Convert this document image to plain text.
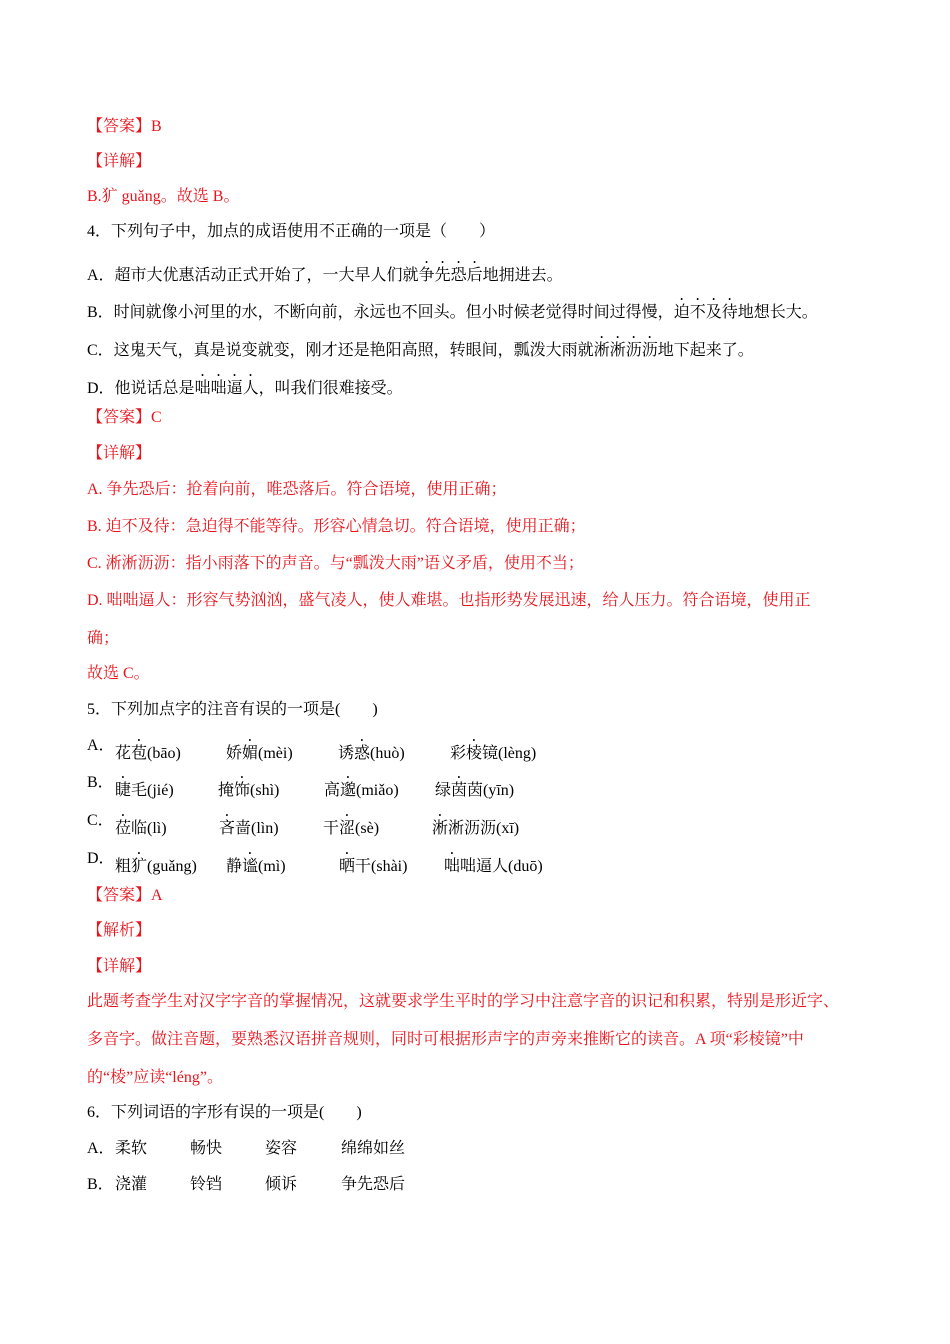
【答案】B
【详解】
B.犷 guǎng。故选 B。
4．下列句子中，加点的成语使用不正确的一项是（　　）
A．超市大优惠活动正式开始了，一大早人们就争先恐后地拥进去。
B．时间就像小河里的水，不断向前，永远也不回头。但小时候老觉得时间过得慢，迫不及待地想长大。
C．这鬼天气，真是说变就变，刚才还是艳阳高照，转眼间，瓢泼大雨就淅淅沥沥地下起来了。
D．他说话总是咄咄逼人，叫我们很难接受。
【答案】C
【详解】
A. 争先恐后：抢着向前，唯恐落后。符合语境，使用正确；
B. 迫不及待：急迫得不能等待。形容心情急切。符合语境，使用正确；
C. 淅淅沥沥：指小雨落下的声音。与“瓢泼大雨”语义矛盾，使用不当；
D. 咄咄逼人：形容气势汹汹，盛气凌人，使人难堪。也指形势发展迅速，给人压力。符合语境，使用正
确；
故选 C。
5．下列加点字的注音有误的一项是(　　)
A． 花苞(bāo)	娇媚(mèi)	诱惑(huò)	彩棱镜(lèng)
B． 睫毛(jié)	掩饰(shì)	高邈(miǎo) 绿茵茵(yīn)
C． 莅临(lì)	吝啬(lìn)	干涩(sè)	淅淅沥沥(xī)
D． 粗犷(guǎng) 静谧(mì)	晒干(shài) 咄咄逼人(duō)
【答案】A
【解析】
【详解】
此题考查学生对汉字字音的掌握情况，这就要求学生平时的学习中注意字音的识记和积累，特别是形近字、
多音字。做注音题，要熟悉汉语拼音规则，同时可根据形声字的声旁来推断它的读音。A 项“彩棱镜”中
的“棱”应读“léng”。
6．下列词语的字形有误的一项是(　　)
A． 柔软	畅快	姿容	绵绵如丝
B． 浇灌	铃铛	倾诉	争先恐后
